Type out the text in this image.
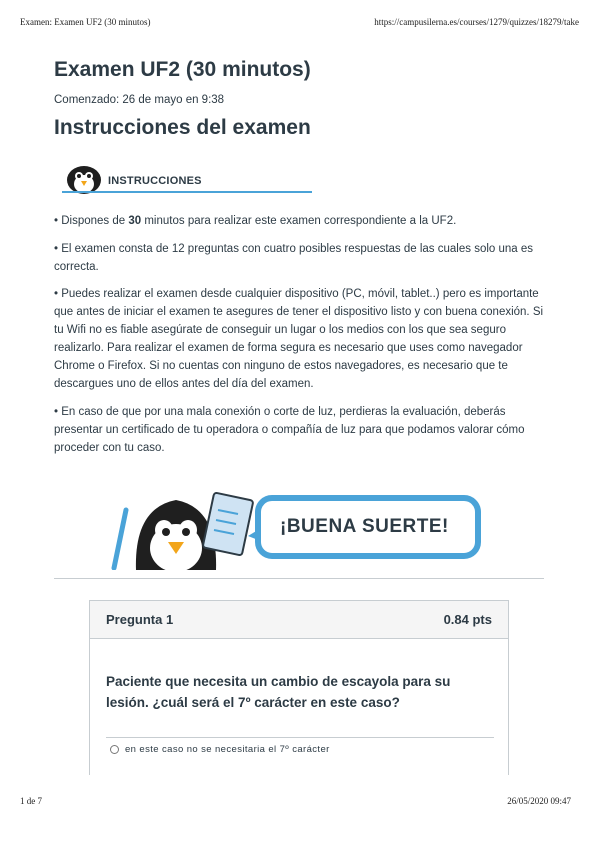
Examen: Examen UF2 (30 minutos)	https://campusilerna.es/courses/1279/quizzes/18279/take
Examen UF2 (30 minutos)
Comenzado: 26 de mayo en 9:38
Instrucciones del examen
INSTRUCCIONES

• Dispones de 30 minutos para realizar este examen correspondiente a la UF2.

• El examen consta de 12 preguntas con cuatro posibles respuestas de las cuales solo una es correcta.

• Puedes realizar el examen desde cualquier dispositivo (PC, móvil, tablet..) pero es importante que antes de iniciar el examen te asegures de tener el dispositivo listo y con buena conexión. Si tu Wifi no es fiable asegúrate de conseguir un lugar o los medios con los que sea seguro realizarlo. Para realizar el examen de forma segura es necesario que uses como navegador Chrome o Firefox. Si no cuentas con ninguno de estos navegadores, es necesario que te descargues uno de ellos antes del día del examen.

• En caso de que por una mala conexión o corte de luz, perdieras la evaluación, deberás presentar un certificado de tu operadora o compañía de luz para que podamos valorar cómo proceder con tu caso.

¡BUENA SUERTE!
Pregunta 1	0.84 pts

Paciente que necesita un cambio de escayola para su lesión. ¿cuál será el 7º carácter en este caso?

en este caso no se necesitaria el 7º carácter
1 de 7	26/05/2020 09:47
